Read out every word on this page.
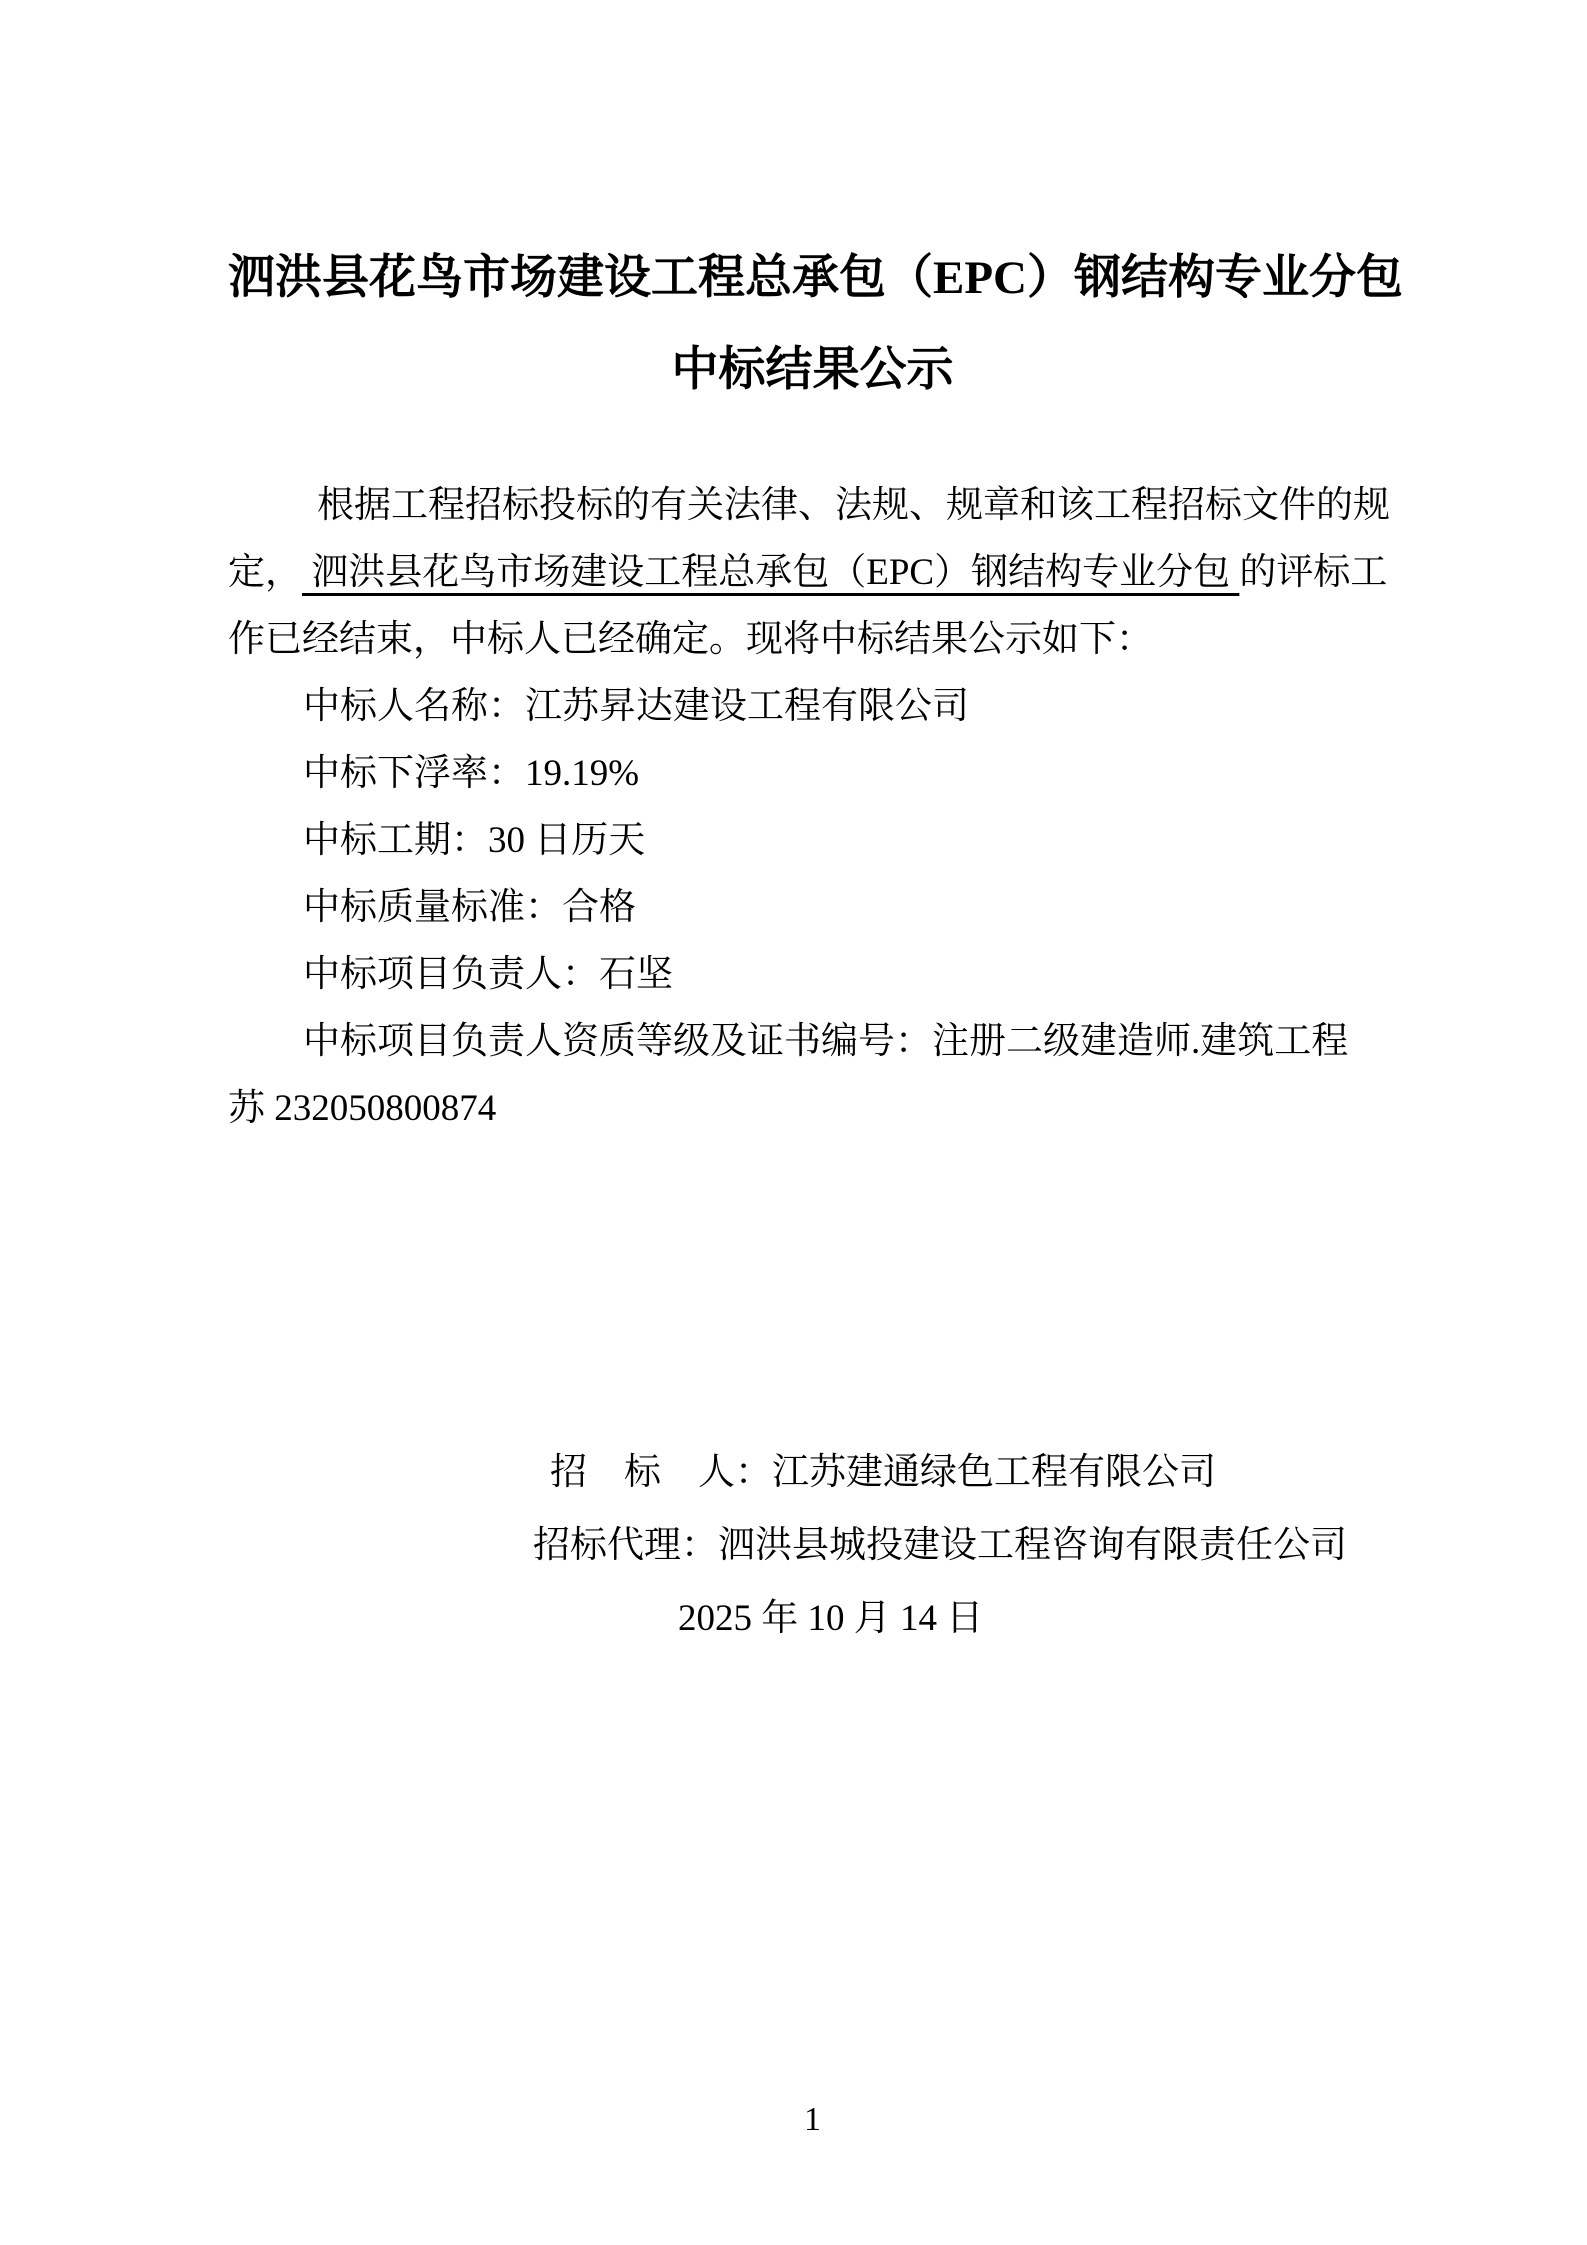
泗洪县花鸟市场建设工程总承包（EPC）钢结构专业分包
中标结果公示
根据工程招标投标的有关法律、法规、规章和该工程招标文件的规
定， 泗洪县花鸟市场建设工程总承包（EPC）钢结构专业分包 的评标工
作已经结束，中标人已经确定。现将中标结果公示如下：
中标人名称：江苏昇达建设工程有限公司
中标下浮率：19.19%
中标工期：30 日历天
中标质量标准：合格
中标项目负责人：石坚
中标项目负责人资质等级及证书编号：注册二级建造师.建筑工程
苏 232050800874
招　标　人：江苏建通绿色工程有限公司
招标代理：泗洪县城投建设工程咨询有限责任公司
2025 年 10 月 14 日
1
